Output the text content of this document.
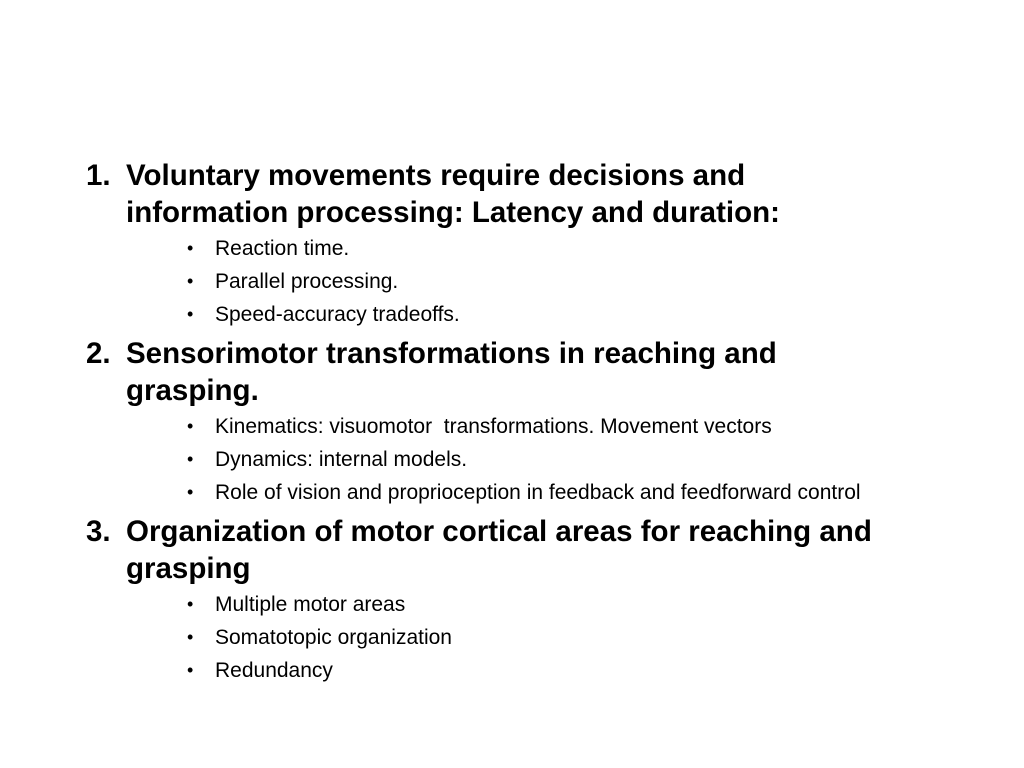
1. Voluntary movements require decisions and information processing: Latency and duration:
•	Reaction time.
•	Parallel processing.
•	Speed-accuracy tradeoffs.
2. Sensorimotor transformations in reaching and grasping.
•	Kinematics: visuomotor  transformations. Movement vectors
•	Dynamics: internal models.
•	Role of vision and proprioception in feedback and feedforward control
3. Organization of motor cortical areas for reaching and grasping
•	Multiple motor areas
•	Somatotopic organization
•	Redundancy
